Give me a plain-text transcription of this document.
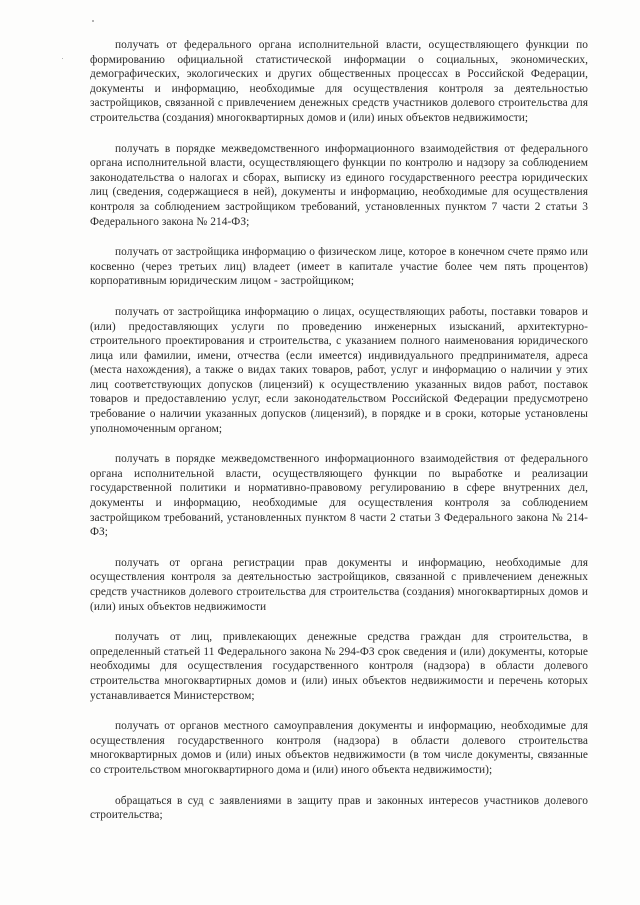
получать от федерального органа исполнительной власти, осуществляющего функции по формированию официальной статистической информации о социальных, экономических, демографических, экологических и других общественных процессах в Российской Федерации, документы и информацию, необходимые для осуществления контроля за деятельностью застройщиков, связанной с привлечением денежных средств участников долевого строительства для строительства (создания) многоквартирных домов и (или) иных объектов недвижимости;

получать в порядке межведомственного информационного взаимодействия от федерального органа исполнительной власти, осуществляющего функции по контролю и надзору за соблюдением законодательства о налогах и сборах, выписку из единого государственного реестра юридических лиц (сведения, содержащиеся в ней), документы и информацию, необходимые для осуществления контроля за соблюдением застройщиком требований, установленных пунктом 7 части 2 статьи 3 Федерального закона № 214-ФЗ;

получать от застройщика информацию о физическом лице, которое в конечном счете прямо или косвенно (через третьих лиц) владеет (имеет в капитале участие более чем пять процентов) корпоративным юридическим лицом - застройщиком;

получать от застройщика информацию о лицах, осуществляющих работы, поставки товаров и (или) предоставляющих услуги по проведению инженерных изысканий, архитектурно-строительного проектирования и строительства, с указанием полного наименования юридического лица или фамилии, имени, отчества (если имеется) индивидуального предпринимателя, адреса (места нахождения), а также о видах таких товаров, работ, услуг и информацию о наличии у этих лиц соответствующих допусков (лицензий) к осуществлению указанных видов работ, поставок товаров и предоставлению услуг, если законодательством Российской Федерации предусмотрено требование о наличии указанных допусков (лицензий), в порядке и в сроки, которые установлены уполномоченным органом;

получать в порядке межведомственного информационного взаимодействия от федерального органа исполнительной власти, осуществляющего функции по выработке и реализации государственной политики и нормативно-правовому регулированию в сфере внутренних дел, документы и информацию, необходимые для осуществления контроля за соблюдением застройщиком требований, установленных пунктом 8 части 2 статьи 3 Федерального закона № 214-ФЗ;

получать от органа регистрации прав документы и информацию, необходимые для осуществления контроля за деятельностью застройщиков, связанной с привлечением денежных средств участников долевого строительства для строительства (создания) многоквартирных домов и (или) иных объектов недвижимости

получать от лиц, привлекающих денежные средства граждан для строительства, в определенный статьей 11 Федерального закона № 294-ФЗ срок сведения и (или) документы, которые необходимы для осуществления государственного контроля (надзора) в области долевого строительства многоквартирных домов и (или) иных объектов недвижимости и перечень которых устанавливается Министерством;

получать от органов местного самоуправления документы и информацию, необходимые для осуществления государственного контроля (надзора) в области долевого строительства многоквартирных домов и (или) иных объектов недвижимости (в том числе документы, связанные со строительством многоквартирного дома и (или) иного объекта недвижимости);

обращаться в суд с заявлениями в защиту прав и законных интересов участников долевого строительства;
